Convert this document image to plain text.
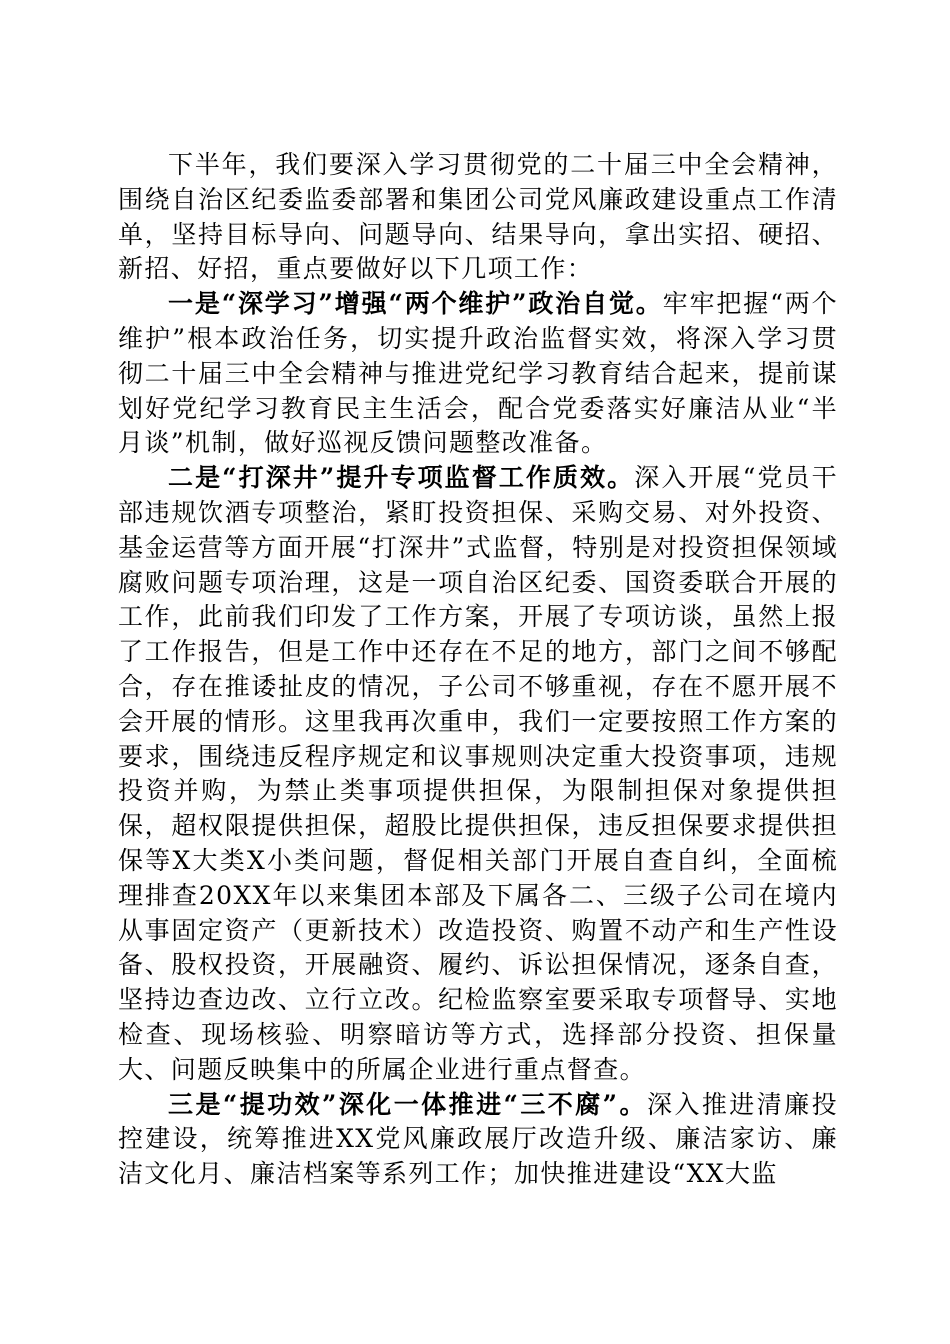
下半年，我们要深入学习贯彻党的二十届三中全会精神，围绕自治区纪委监委部署和集团公司党风廉政建设重点工作清单，坚持目标导向、问题导向、结果导向，拿出实招、硬招、新招、好招，重点要做好以下几项工作：

一是“深学习”增强“两个维护”政治自觉。牢牢把握“两个维护”根本政治任务，切实提升政治监督实效，将深入学习贯彻二十届三中全会精神与推进党纪学习教育结合起来，提前谋划好党纪学习教育民主生活会，配合党委落实好廉洁从业“半月谈”机制，做好巡视反馈问题整改准备。

二是“打深井”提升专项监督工作质效。深入开展“党员干部违规饮酒专项整治，紧盯投资担保、采购交易、对外投资、基金运营等方面开展“打深井”式监督，特别是对投资担保领域腐败问题专项治理，这是一项自治区纪委、国资委联合开展的工作，此前我们印发了工作方案，开展了专项访谈，虽然上报了工作报告，但是工作中还存在不足的地方，部门之间不够配合，存在推诿扯皮的情况，子公司不够重视，存在不愿开展不会开展的情形。这里我再次重申，我们一定要按照工作方案的要求，围绕违反程序规定和议事规则决定重大投资事项，违规投资并购，为禁止类事项提供担保，为限制担保对象提供担保，超权限提供担保，超股比提供担保，违反担保要求提供担保等X大类X小类问题，督促相关部门开展自查自纠，全面梳理排查20XX年以来集团本部及下属各二、三级子公司在境内从事固定资产（更新技术）改造投资、购置不动产和生产性设备、股权投资，开展融资、履约、诉讼担保情况，逐条自查，坚持边查边改、立行立改。纪检监察室要采取专项督导、实地检查、现场核验、明察暗访等方式，选择部分投资、担保量大、问题反映集中的所属企业进行重点督查。

三是“提功效”深化一体推进“三不腐”。深入推进清廉投控建设，统筹推进XX党风廉政展厅改造升级、廉洁家访、廉洁文化月、廉洁档案等系列工作；加快推进建设“XX大监
